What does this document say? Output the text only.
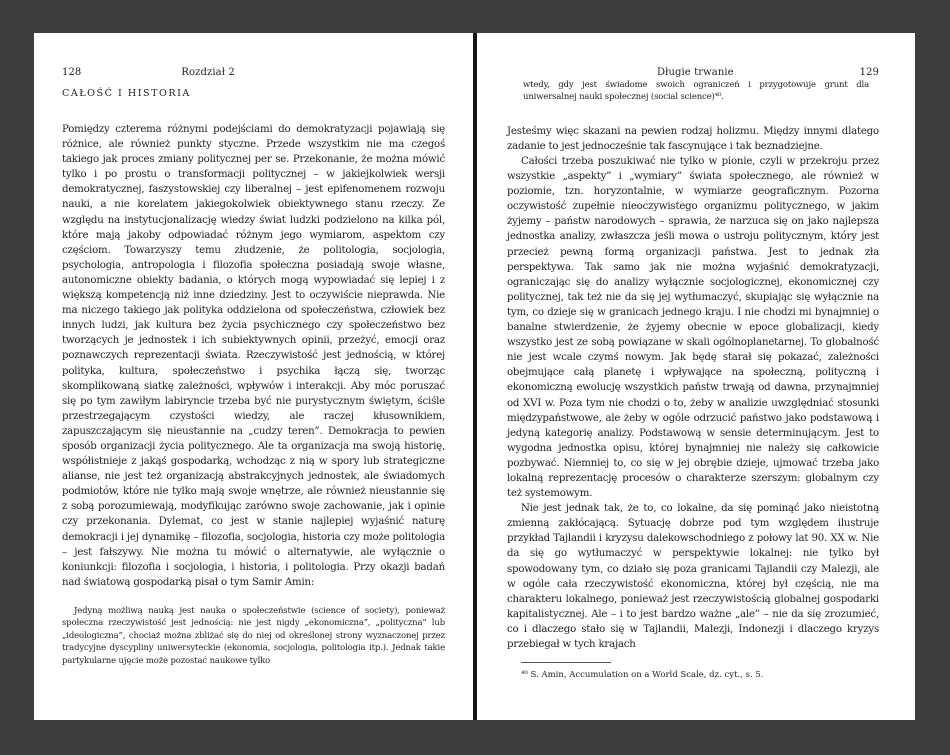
128	Rozdział 2
CAŁOŚĆ I HISTORIA

Pomiędzy czterema różnymi podejściami do demokratyzacji pojawiają się różnice, ale również punkty styczne. Przede wszystkim nie ma czegoś takiego jak proces zmiany politycznej per se. Przekonanie, że można mówić tylko i po prostu o transformacji politycznej – w jakiejkolwiek wersji demokratycznej, faszystowskiej czy liberalnej – jest epifenomenem rozwoju nauki, a nie korelatem jakiegokolwiek obiektywnego stanu rzeczy. Ze względu na instytucjonalizację wiedzy świat ludzki podzielono na kilka pól, które mają jakoby odpowiadać różnym jego wymiarom, aspektom czy częściom. Towarzyszy temu złudzenie, że politologia, socjologia, psychologia, antropologia i filozofia społeczna posiadają swoje własne, autonomiczne obiekty badania, o których mogą wypowiadać się lepiej i z większą kompetencją niż inne dziedziny. Jest to oczywiście nieprawda. Nie ma niczego takiego jak polityka oddzielona od społeczeństwa, człowiek bez innych ludzi, jak kultura bez życia psychicznego czy społeczeństwo bez tworzących je jednostek i ich subiektywnych opinii, przeżyć, emocji oraz poznawczych reprezentacji świata. Rzeczywistość jest jednością, w której polityka, kultura, społeczeństwo i psychika łączą się, tworząc skomplikowaną siatkę zależności, wpływów i interakcji. Aby móc poruszać się po tym zawiłym labiryncie trzeba być nie purystycznym świętym, ściśle przestrzegającym czystości wiedzy, ale raczej kłusownikiem, zapuszczającym się nieustannie na „cudzy teren”. Demokracja to pewien sposób organizacji życia politycznego. Ale ta organizacja ma swoją historię, współistnieje z jakąś gospodarką, wchodząc z nią w spory lub strategiczne alianse, nie jest też organizacją abstrakcyjnych jednostek, ale świadomych podmiotów, które nie tylko mają swoje wnętrze, ale również nieustannie się z sobą porozumiewają, modyfikując zarówno swoje zachowanie, jak i opinie czy przekonania. Dylemat, co jest w stanie najlepiej wyjaśnić naturę demokracji i jej dynamikę – filozofia, socjologia, historia czy może politologia – jest fałszywy. Nie można tu mówić o alternatywie, ale wyłącznie o koniunkcji: filozofia i socjologia, i historia, i politologia. Przy okazji badań nad światową gospodarką pisał o tym Samir Amin:

Jedyną możliwą nauką jest nauka o społeczeństwie (science of society), ponieważ społeczna rzeczywistość jest jednością: nie jest nigdy „ekonomiczna”, „polityczna” lub „ideologiczna”, chociaż można zbliżać się do niej od określonej strony wyznaczonej przez tradycyjne dyscypliny uniwersyteckie (ekonomia, socjologia, politologia itp.). Jednak takie partykularne ujęcie może pozostać naukowe tylko
Długie trwanie	129
wtedy, gdy jest świadome swoich ograniczeń i przygotowuje grunt dla uniwersalnej nauki społecznej (social science)⁴⁰.

Jesteśmy więc skazani na pewien rodzaj holizmu. Między innymi dlatego zadanie to jest jednocześnie tak fascynujące i tak beznadziejne.

Całości trzeba poszukiwać nie tylko w pionie, czyli w przekroju przez wszystkie „aspekty” i „wymiary” świata społecznego, ale również w poziomie, tzn. horyzontalnie, w wymiarze geograficznym. Pozorna oczywistość zupełnie nieoczywistego organizmu politycznego, w jakim żyjemy – państw narodowych – sprawia, że narzuca się on jako najlepsza jednostka analizy, zwłaszcza jeśli mowa o ustroju politycznym, który jest przecież pewną formą organizacji państwa. Jest to jednak zła perspektywa. Tak samo jak nie można wyjaśnić demokratyzacji, ograniczając się do analizy wyłącznie socjologicznej, ekonomicznej czy politycznej, tak też nie da się jej wytłumaczyć, skupiając się wyłącznie na tym, co dzieje się w granicach jednego kraju. I nie chodzi mi bynajmniej o banalne stwierdzenie, że żyjemy obecnie w epoce globalizacji, kiedy wszystko jest ze sobą powiązane w skali ogólnoplanetarnej. To globalność nie jest wcale czymś nowym. Jak będę starał się pokazać, zależności obejmujące całą planetę i wpływające na społeczną, polityczną i ekonomiczną ewolucję wszystkich państw trwają od dawna, przynajmniej od XVI w. Poza tym nie chodzi o to, żeby w analizie uwzględniać stosunki międzypaństwowe, ale żeby w ogóle odrzucić państwo jako podstawową i jedyną kategorię analizy. Podstawową w sensie determinującym. Jest to wygodna jednostka opisu, której bynajmniej nie należy się całkowicie pozbywać. Niemniej to, co się w jej obrębie dzieje, ujmować trzeba jako lokalną reprezentację procesów o charakterze szerszym: globalnym czy też systemowym.

Nie jest jednak tak, że to, co lokalne, da się pominąć jako nieistotną zmienną zakłócającą. Sytuację dobrze pod tym względem ilustruje przykład Tajlandii i kryzysu dalekowschodniego z połowy lat 90. XX w. Nie da się go wytłumaczyć w perspektywie lokalnej: nie tylko był spowodowany tym, co działo się poza granicami Tajlandii czy Malezji, ale w ogóle cała rzeczywistość ekonomiczna, której był częścią, nie ma charakteru lokalnego, ponieważ jest rzeczywistością globalnej gospodarki kapitalistycznej. Ale – i to jest bardzo ważne „ale” – nie da się zrozumieć, co i dlaczego stało się w Tajlandii, Malezji, Indonezji i dlaczego kryzys przebiegał w tych krajach

⁴⁰ S. Amin, Accumulation on a World Scale, dz. cyt., s. 5.
